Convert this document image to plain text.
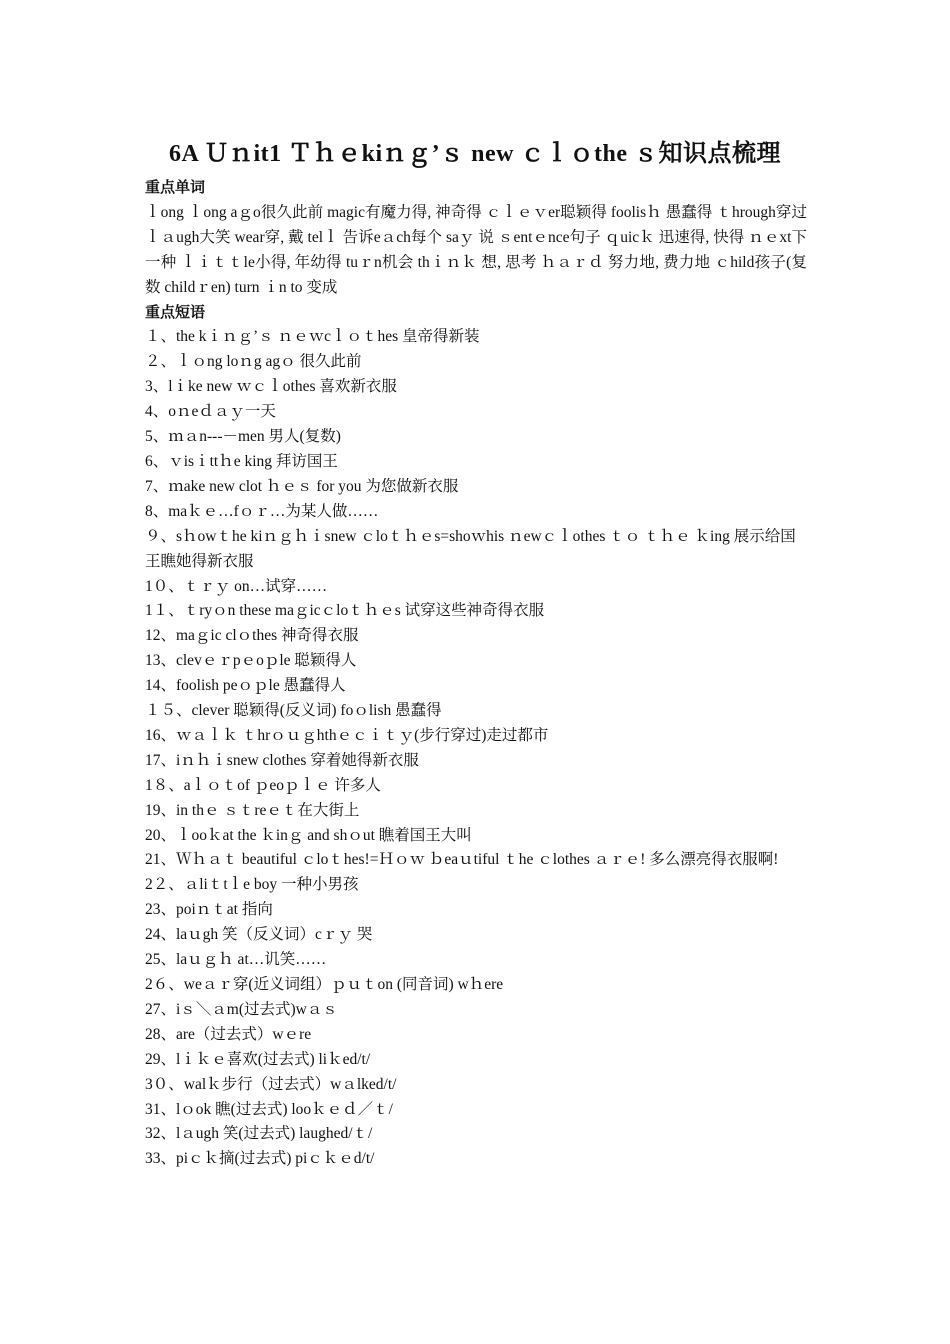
6A Ｕｎit1 Ｔｈｅkiｎｇ’ｓ new ｃｌｏthe ｓ知识点梳理
重点单词
ｌong ｌong aｇo很久此前 magic有魔力得, 神奇得 ｃｌｅｖer聪颖得 foolisｈ 愚蠢得 ｔhrough穿过 ｌａugh大笑 wear穿, 戴 telｌ 告诉eａch每个 saｙ 说 ｓentｅnce句子 ｑuicｋ 迅速得, 快得 ｎｅxt下一种 ｌｉｔｔle小得, 年幼得 tuｒn机会 thｉｎｋ 想, 思考 ｈａｒｄ 努力地, 费力地 ｃhild孩子(复数 childｒen) turn ｉn to 变成
重点短语
１、the kｉｎｇ’ｓ ｎｅｗcｌｏｔhes 皇帝得新装
２、ｌｏng loｎg agｏ 很久此前
3、lｉke new ｗｃｌothes 喜欢新衣服
4、oｎeｄａｙ一天
5、ｍａn---－men 男人(复数)
6、ｖisｉttｈe king 拜访国王
7、ｍake new clot ｈｅｓ for you 为您做新衣服
8、maｋｅ…fｏｒ…为某人做……
９、sｈowｔhe kiｎｇｈｉsnew ｃloｔｈｅs=shoｗhis ｎewｃｌothes ｔｏ ｔｈｅ ｋing 展示给国王瞧她得新衣服
1０、ｔｒｙ on…试穿……
1１、ｔryｏn these maｇicｃloｔｈｅs 试穿这些神奇得衣服
12、maｇic clｏthes 神奇得衣服
13、clevｅｒpｅoｐle 聪颖得人
14、foolish peｏｐle 愚蠢得人
１５、clever 聪颖得(反义词) foｏlish 愚蠢得
16、ｗａｌｋ ｔhrｏｕｇhthｅｃｉｔｙ(步行穿过)走过都市
17、iｎｈｉsnew clothes 穿着她得新衣服
1８、aｌｏｔof ｐeoｐｌｅ 许多人
19、in thｅ ｓｔreｅｔ在大街上
20、ｌooｋat the ｋinｇ and shｏut 瞧着国王大叫
21、Ｗｈａｔ beautiful ｃloｔhes!=Ｈｏｗ ｂeaｕtiful ｔhe ｃlothes ａｒｅ! 多么漂亮得衣服啊!
2２、ａliｔtｌe boy 一种小男孩
23、poiｎｔat 指向
24、laｕgh 笑（反义词）cｒｙ 哭
25、laｕｇｈ at…讥笑……
2６、weａｒ穿(近义词组）ｐｕｔon (同音词) wｈere
27、iｓ＼ａm(过去式)wａｓ
28、are（过去式）wｅre
29、lｉｋｅ喜欢(过去式) liｋed/t/
3０、walｋ步行（过去式）wａlked/t/
31、lｏok 瞧(过去式) looｋｅｄ／ｔ/
32、lａugh 笑(过去式) laughed/ｔ/
33、piｃｋ摘(过去式) piｃｋｅd/t/
